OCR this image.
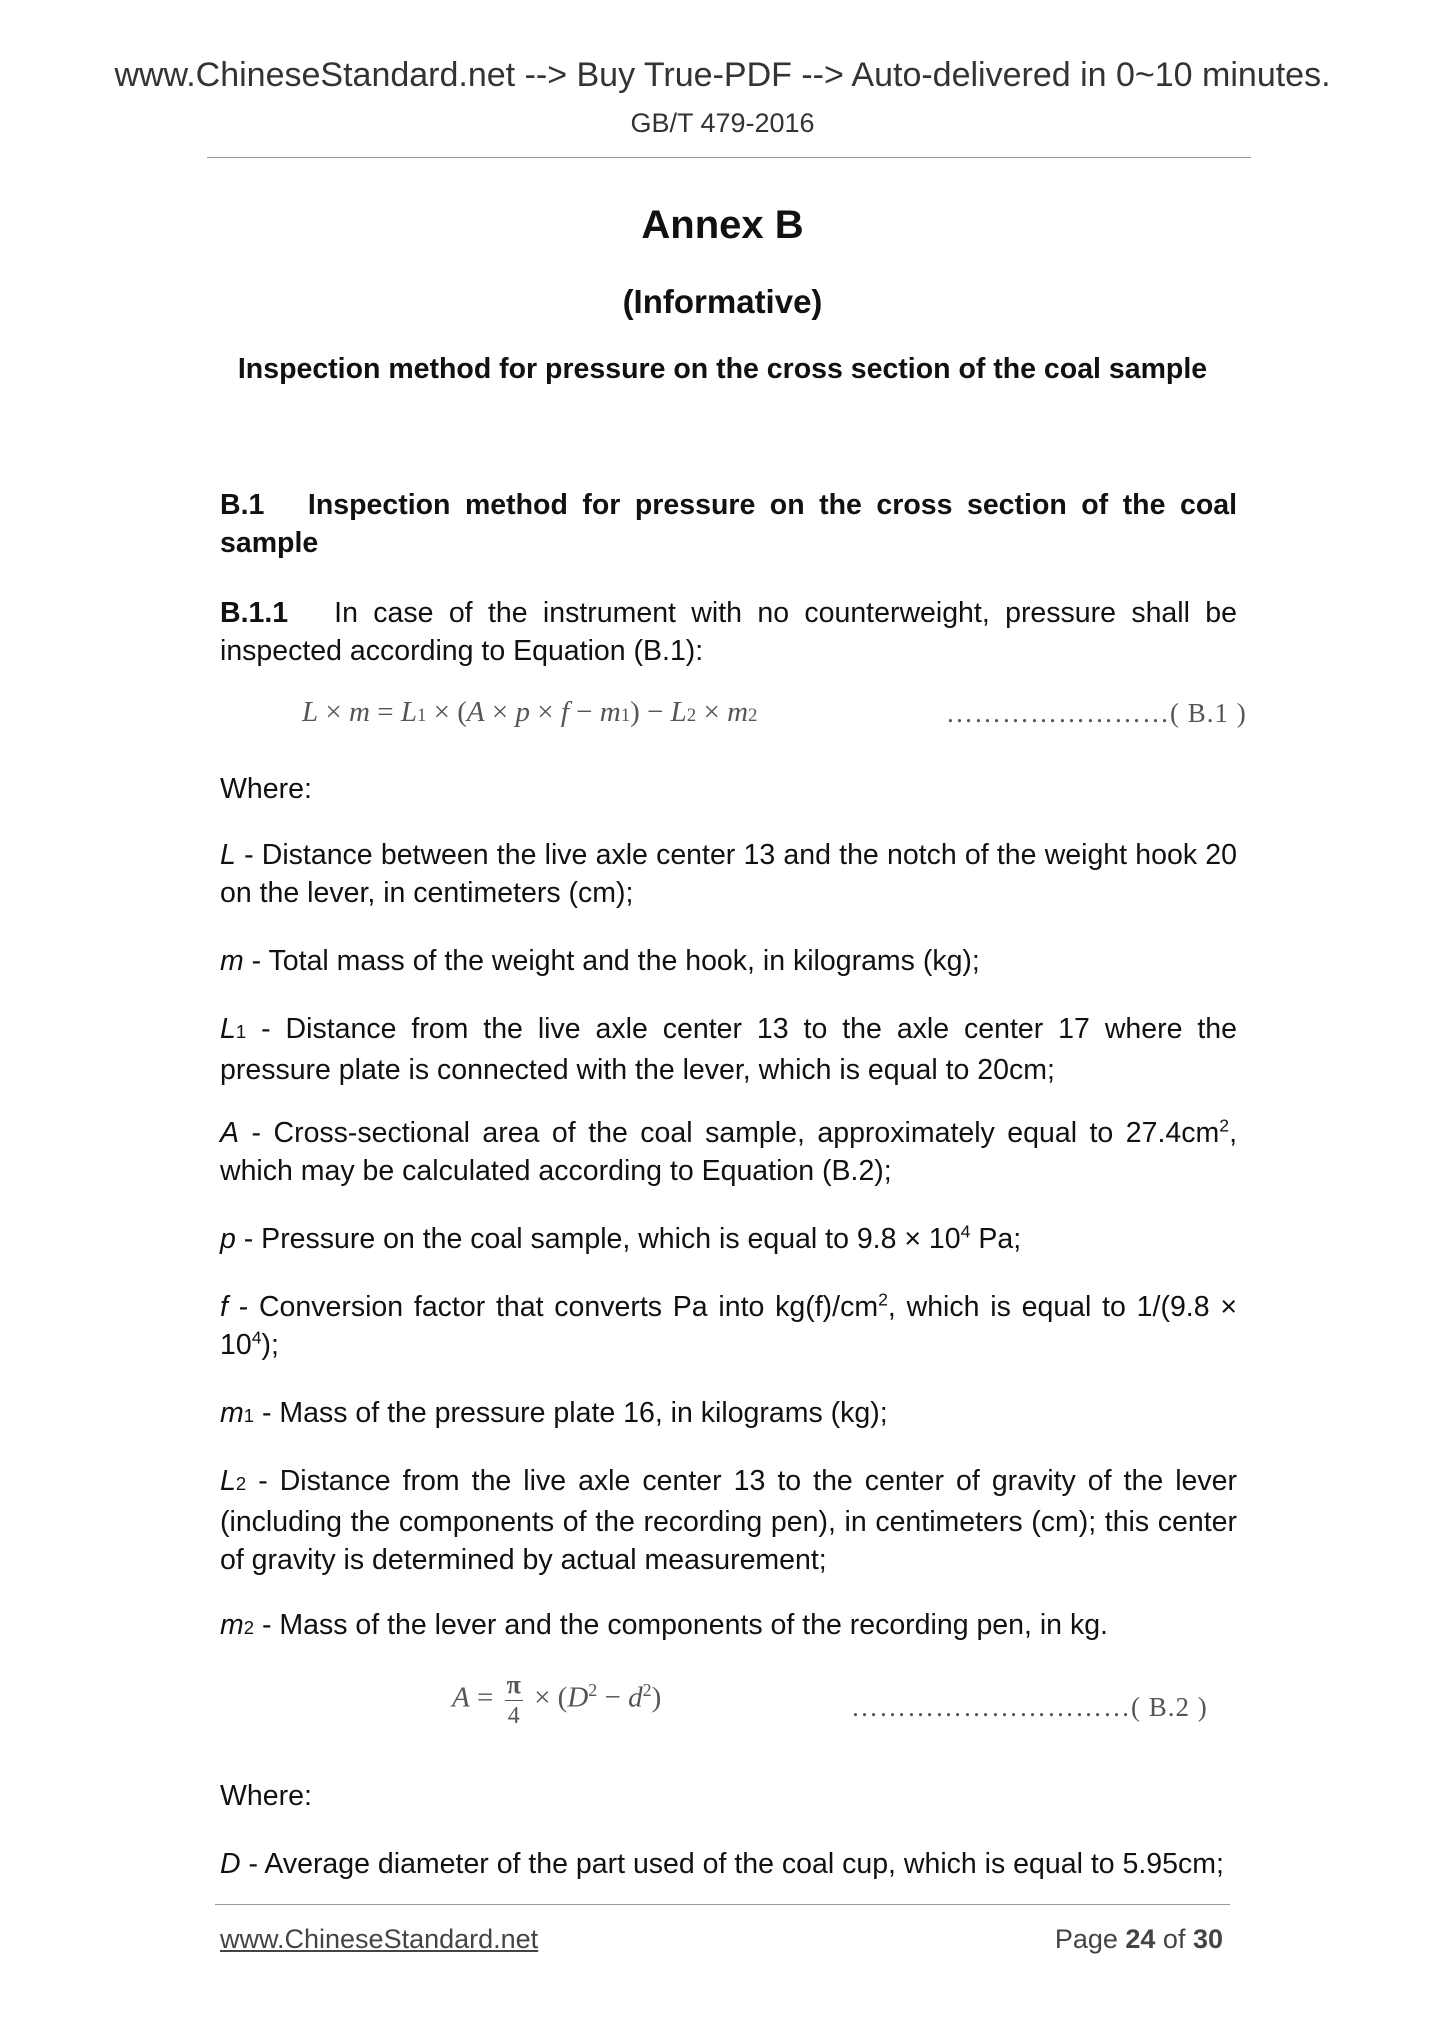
www.ChineseStandard.net --> Buy True-PDF --> Auto-delivered in 0~10 minutes.
GB/T 479-2016
Annex B
(Informative)
Inspection method for pressure on the cross section of the coal sample
B.1 Inspection method for pressure on the cross section of the coal sample
B.1.1 In case of the instrument with no counterweight, pressure shall be inspected according to Equation (B.1):
L × m = L1 × (A × p × f − m1) − L2 × m2	……………………( B.1 )
Where:
L - Distance between the live axle center 13 and the notch of the weight hook 20 on the lever, in centimeters (cm);
m - Total mass of the weight and the hook, in kilograms (kg);
L1 - Distance from the live axle center 13 to the axle center 17 where the pressure plate is connected with the lever, which is equal to 20cm;
A - Cross-sectional area of the coal sample, approximately equal to $27.4cm^2$, which may be calculated according to Equation (B.2);
p - Pressure on the coal sample, which is equal to $9.8 \times 10^4$ Pa;
f - Conversion factor that converts Pa into $kg(f)/cm^2$, which is equal to $1/(9.8 \times 10^4)$;
m1 - Mass of the pressure plate 16, in kilograms (kg);
L2 - Distance from the live axle center 13 to the center of gravity of the lever (including the components of the recording pen), in centimeters (cm); this center of gravity is determined by actual measurement;
m2 - Mass of the lever and the components of the recording pen, in kg.
$A = \frac{\pi}{4} \times (D^2 - d^2)$	…………………………( B.2 )
Where:
D - Average diameter of the part used of the coal cup, which is equal to 5.95cm;
www.ChineseStandard.net	Page 24 of 30
